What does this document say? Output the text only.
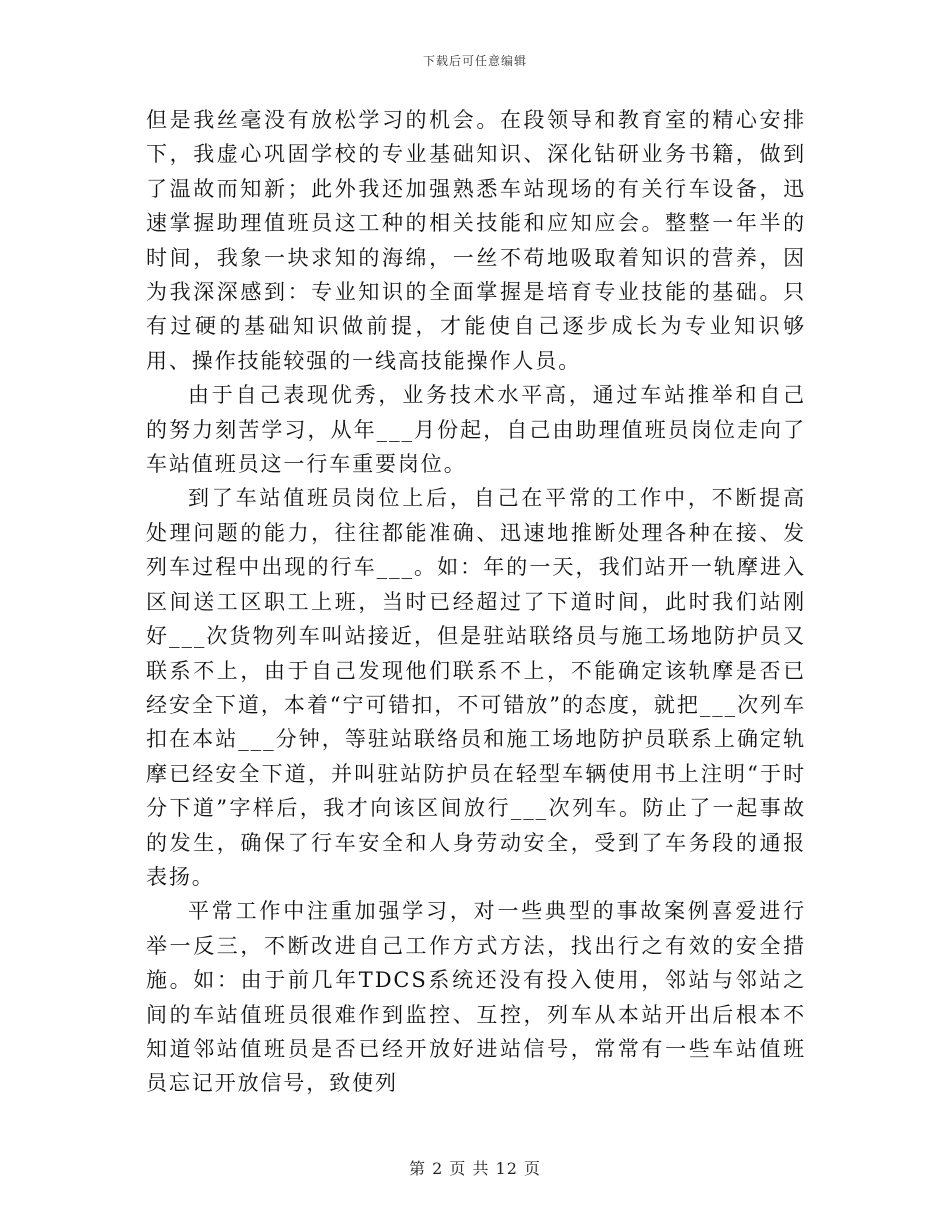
下载后可任意编辑

但是我丝毫没有放松学习的机会。在段领导和教育室的精心安排下，我虚心巩固学校的专业基础知识、深化钻研业务书籍，做到了温故而知新；此外我还加强熟悉车站现场的有关行车设备，迅速掌握助理值班员这工种的相关技能和应知应会。整整一年半的时间，我象一块求知的海绵，一丝不苟地吸取着知识的营养，因为我深深感到：专业知识的全面掌握是培育专业技能的基础。只有过硬的基础知识做前提，才能使自己逐步成长为专业知识够用、操作技能较强的一线高技能操作人员。

由于自己表现优秀，业务技术水平高，通过车站推举和自己的努力刻苦学习，从年___月份起，自己由助理值班员岗位走向了车站值班员这一行车重要岗位。

到了车站值班员岗位上后，自己在平常的工作中，不断提高处理问题的能力，往往都能准确、迅速地推断处理各种在接、发列车过程中出现的行车___。如：年的一天，我们站开一轨摩进入区间送工区职工上班，当时已经超过了下道时间，此时我们站刚好___次货物列车叫站接近，但是驻站联络员与施工场地防护员又联系不上，由于自己发现他们联系不上，不能确定该轨摩是否已经安全下道，本着“宁可错扣，不可错放”的态度，就把___次列车扣在本站___分钟，等驻站联络员和施工场地防护员联系上确定轨摩已经安全下道，并叫驻站防护员在轻型车辆使用书上注明“于时分下道”字样后，我才向该区间放行___次列车。防止了一起事故的发生，确保了行车安全和人身劳动安全，受到了车务段的通报表扬。

平常工作中注重加强学习，对一些典型的事故案例喜爱进行举一反三，不断改进自己工作方式方法，找出行之有效的安全措施。如：由于前几年TDCS系统还没有投入使用，邻站与邻站之间的车站值班员很难作到监控、互控，列车从本站开出后根本不知道邻站值班员是否已经开放好进站信号，常常有一些车站值班员忘记开放信号，致使列

第 2 页 共 12 页
